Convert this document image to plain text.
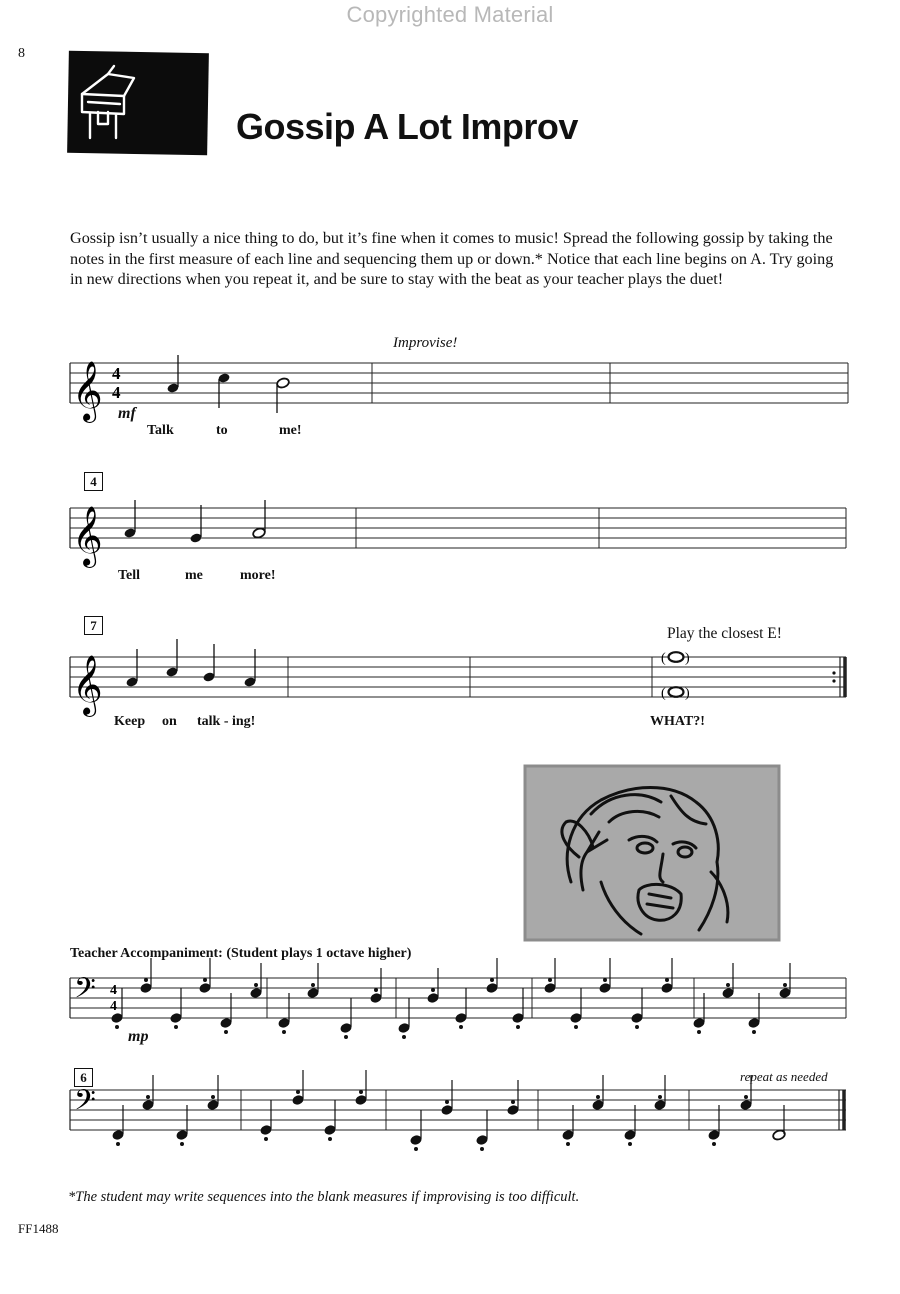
Copyrighted Material
8
Gossip A Lot Improv
Gossip isn’t usually a nice thing to do, but it’s fine when it comes to music! Spread the following gossip by taking the notes in the first measure of each line and sequencing them up or down.* Notice that each line begins on A. Try going in new directions when you repeat it, and be sure to stay with the beat as your teacher plays the duet!
Improvise!
𝄞 4
4
𝄞
𝄞	( )
( )
𝄢 4
4
𝄢
mf
Talk	to	me!
4
Tell	me	more!
7	Play the closest E!
Keep on talk - ing!	WHAT?!
Teacher Accompaniment: (Student plays 1 octave higher)
mp
6	repeat as needed
*The student may write sequences into the blank measures if improvising is too difficult.
FF1488
